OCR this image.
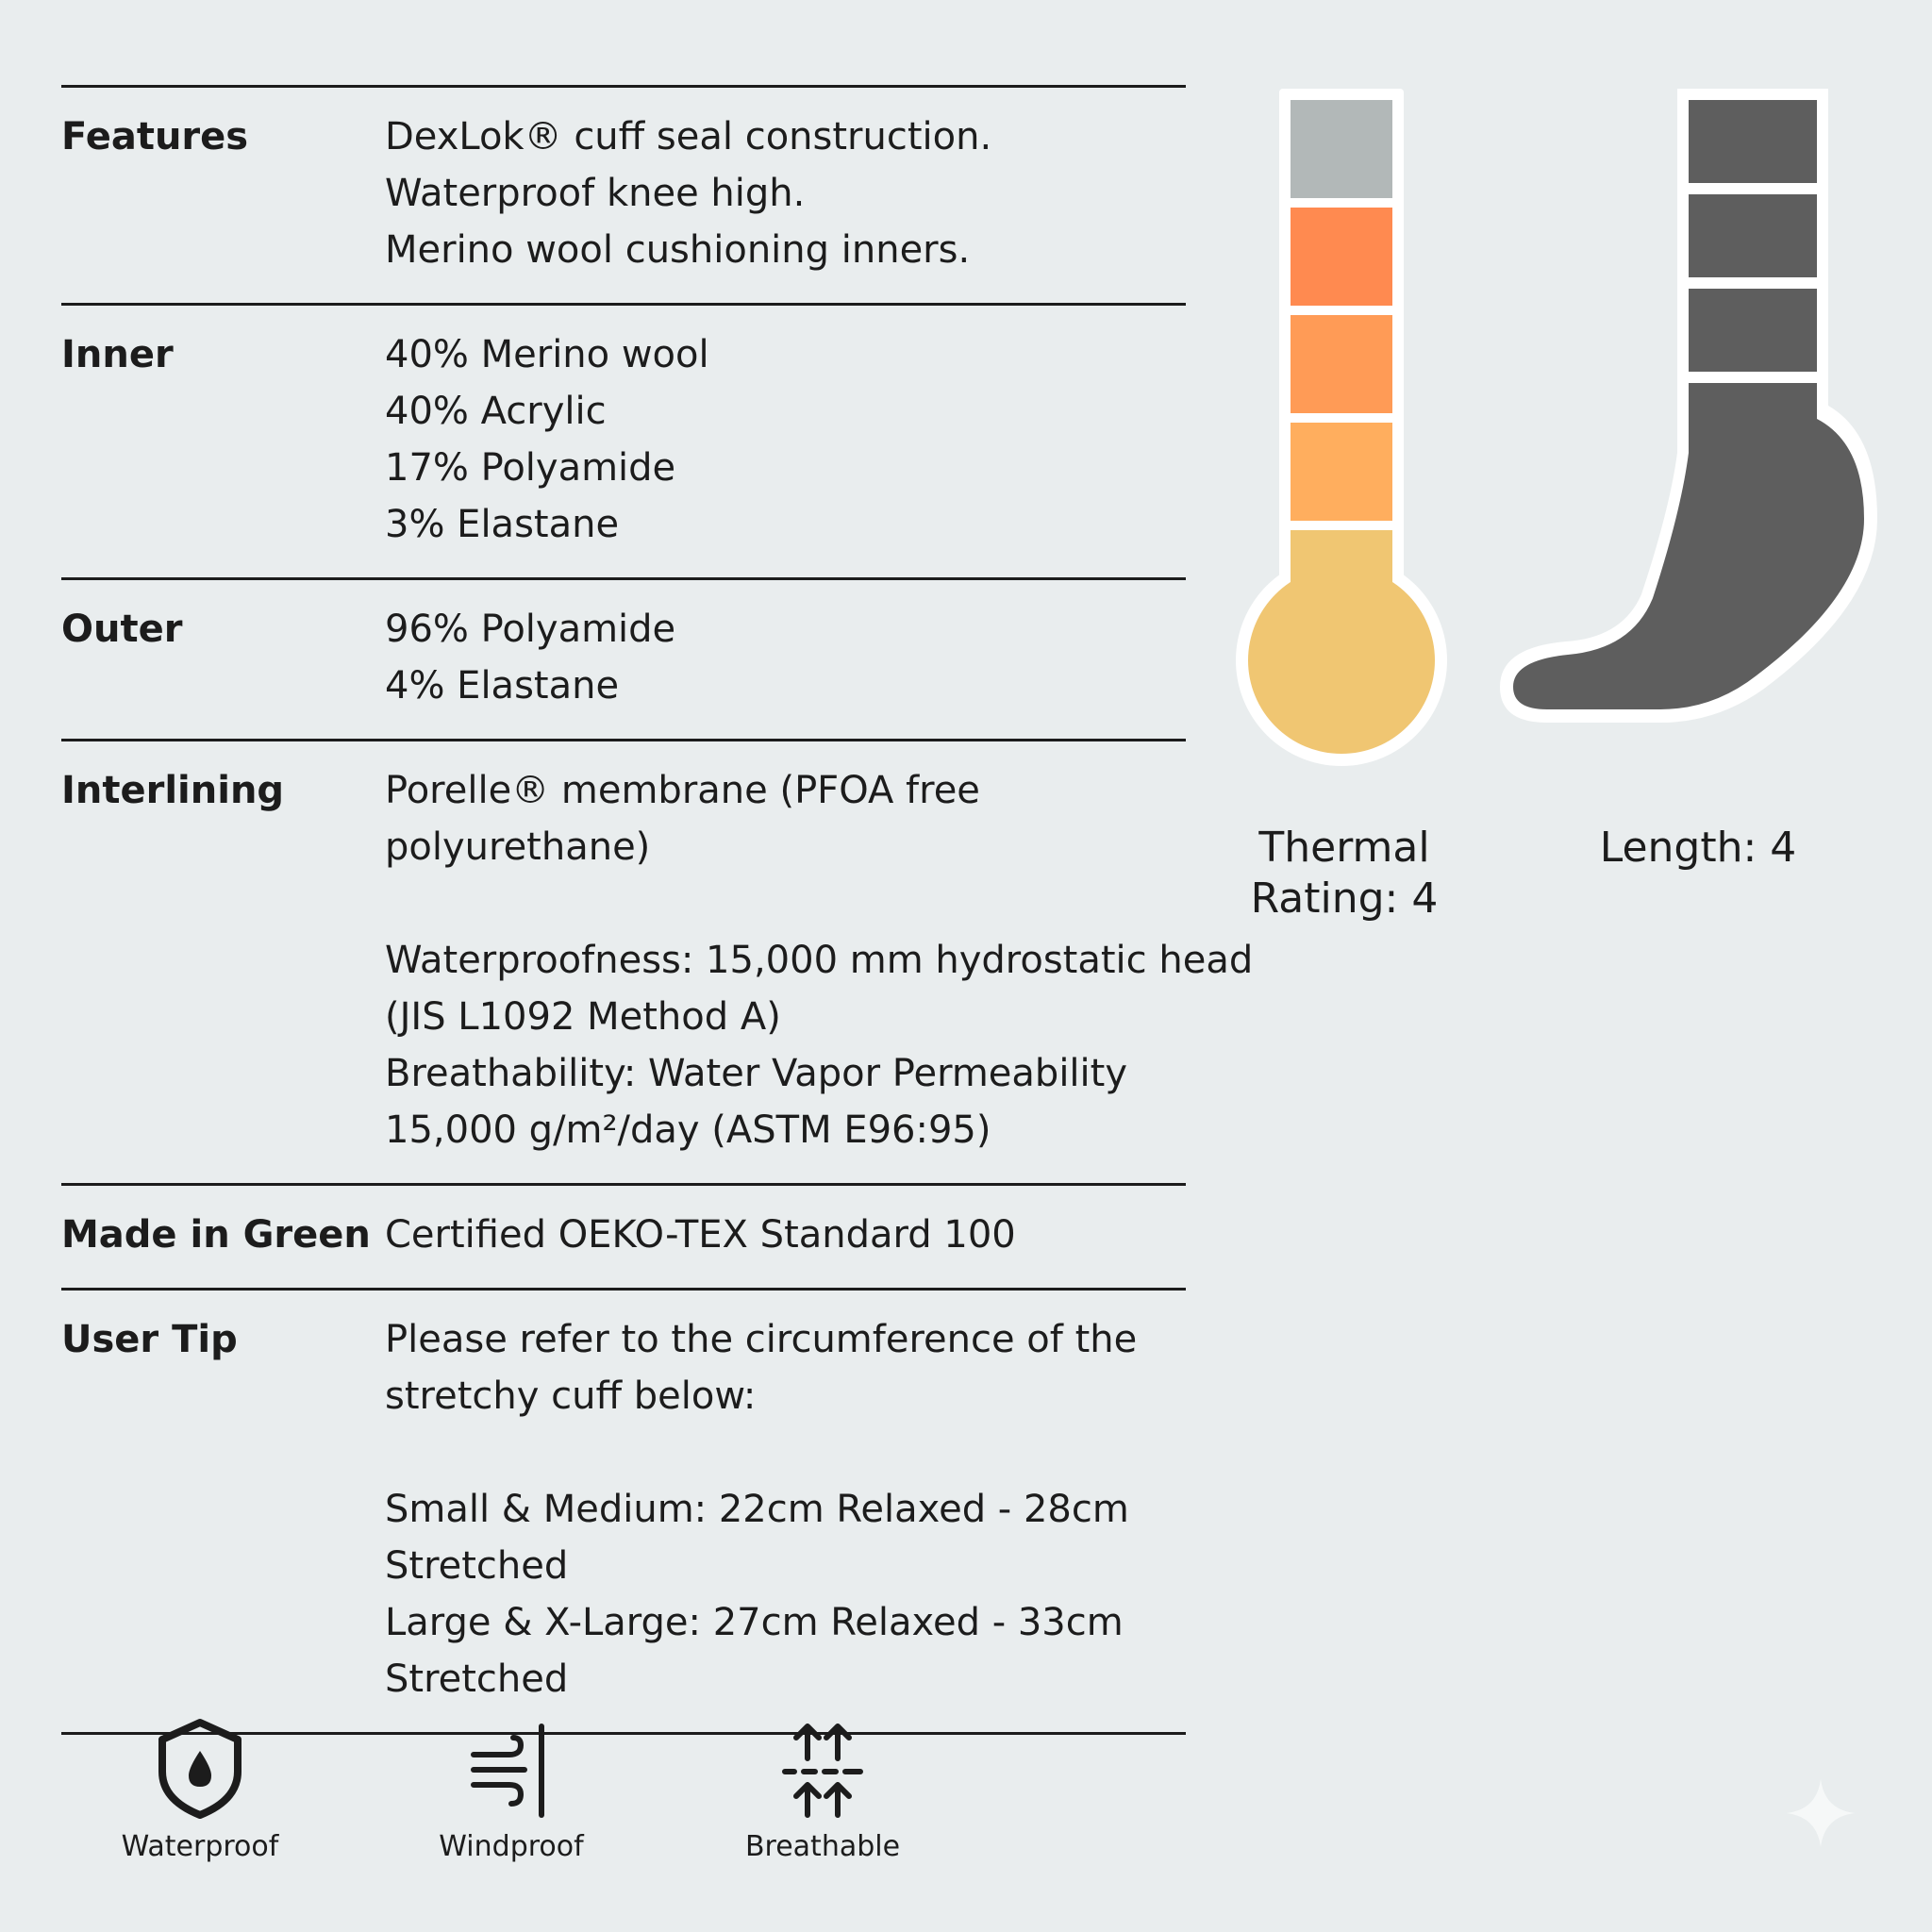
Features	DexLok® cuff seal construction.
Waterproof knee high.
Merino wool cushioning inners.
Inner	40% Merino wool
40% Acrylic
17% Polyamide
3% Elastane
Outer	96% Polyamide
4% Elastane
Interlining	Porelle® membrane (PFOA free
polyurethane)
Waterproofness: 15,000 mm hydrostatic head
(JIS L1092 Method A)
Breathability: Water Vapor Permeability
15,000 g/m²/day (ASTM E96:95)
Made in Green Certified OEKO-TEX Standard 100
User Tip	Please refer to the circumference of the
stretchy cuff below:
Small & Medium: 22cm Relaxed - 28cm
Stretched
Large & X-Large: 27cm Relaxed - 33cm
Stretched
Thermal
Rating: 4
Length: 4
Waterproof	Windproof	Breathable
